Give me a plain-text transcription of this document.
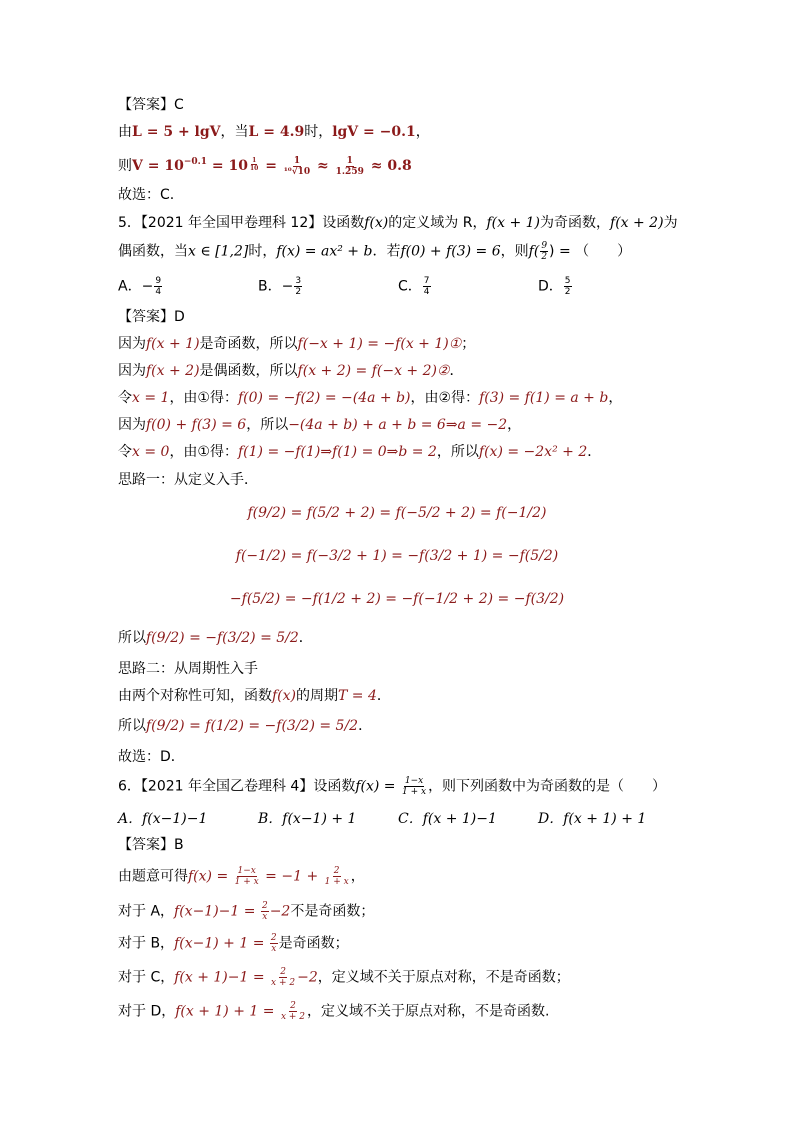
【答案】C
由L = 5 + lgV，当L = 4.9时，lgV = −0.1，
则$V = 10^{-0.1} = 10 \frac{1}{10} = \frac{1}{\text{¹⁰√10}} \approx \frac{1}{1.259} \approx 0.8$
故选：C.
5．【2021 年全国甲卷理科 12】设函数f(x)的定义域为 R，f(x + 1)为奇函数，f(x + 2)为
偶函数，当x ∈ [1,2]时，f(x) = ax² + b．若f(0) + f(3) = 6，则$f( \frac{9}{2}$ ) = （　　）
A．− $\frac{9}{4}$	B．− $\frac{3}{2}$	C． $\frac{7}{4}$	D． $\frac{5}{2}$
【答案】D
因为f(x + 1)是奇函数，所以f(−x + 1) = −f(x + 1)①；
因为f(x + 2)是偶函数，所以f(x + 2) = f(−x + 2)②．
令x = 1，由①得：f(0) = −f(2) = −(4a + b)，由②得：f(3) = f(1) = a + b，
因为f(0) + f(3) = 6，所以−(4a + b) + a + b = 6⇒a = −2，
令x = 0，由①得：f(1) = −f(1)⇒f(1) = 0⇒b = 2，所以f(x) = −2x² + 2．
思路一：从定义入手．
f(9/2) = f(5/2 + 2) = f(−5/2 + 2) = f(−1/2)
f(−1/2) = f(−3/2 + 1) = −f(3/2 + 1) = −f(5/2)
−f(5/2) = −f(1/2 + 2) = −f(−1/2 + 2) = −f(3/2)
所以f(9/2) = −f(3/2) = 5/2．
思路二：从周期性入手
由两个对称性可知，函数f(x)的周期T = 4．
所以f(9/2) = f(1/2) = −f(3/2) = 5/2．
故选：D．
6．【2021 年全国乙卷理科 4】设函数$f(x) = \frac{1-x}{1 + x}$ ，则下列函数中为奇函数的是（　　）
A．f(x−1)−1	B．f(x−1) + 1	C．f(x + 1)−1	D．f(x + 1) + 1
【答案】B
由题意可得$f(x) = \frac{1-x}{1 + x} = -1 + \frac{2}{1 + x}$ ，
对于 A，$f(x-1)-1 = \frac{2}{x} -2$不是奇函数；
对于 B，$f(x-1) + 1 = \frac{2}{x}$ 是奇函数；
对于 C，$f(x + 1)-1 = \frac{2}{x + 2} -2$，定义域不关于原点对称，不是奇函数；
对于 D，$f(x + 1) + 1 = \frac{2}{x + 2}$ ，定义域不关于原点对称，不是奇函数.
